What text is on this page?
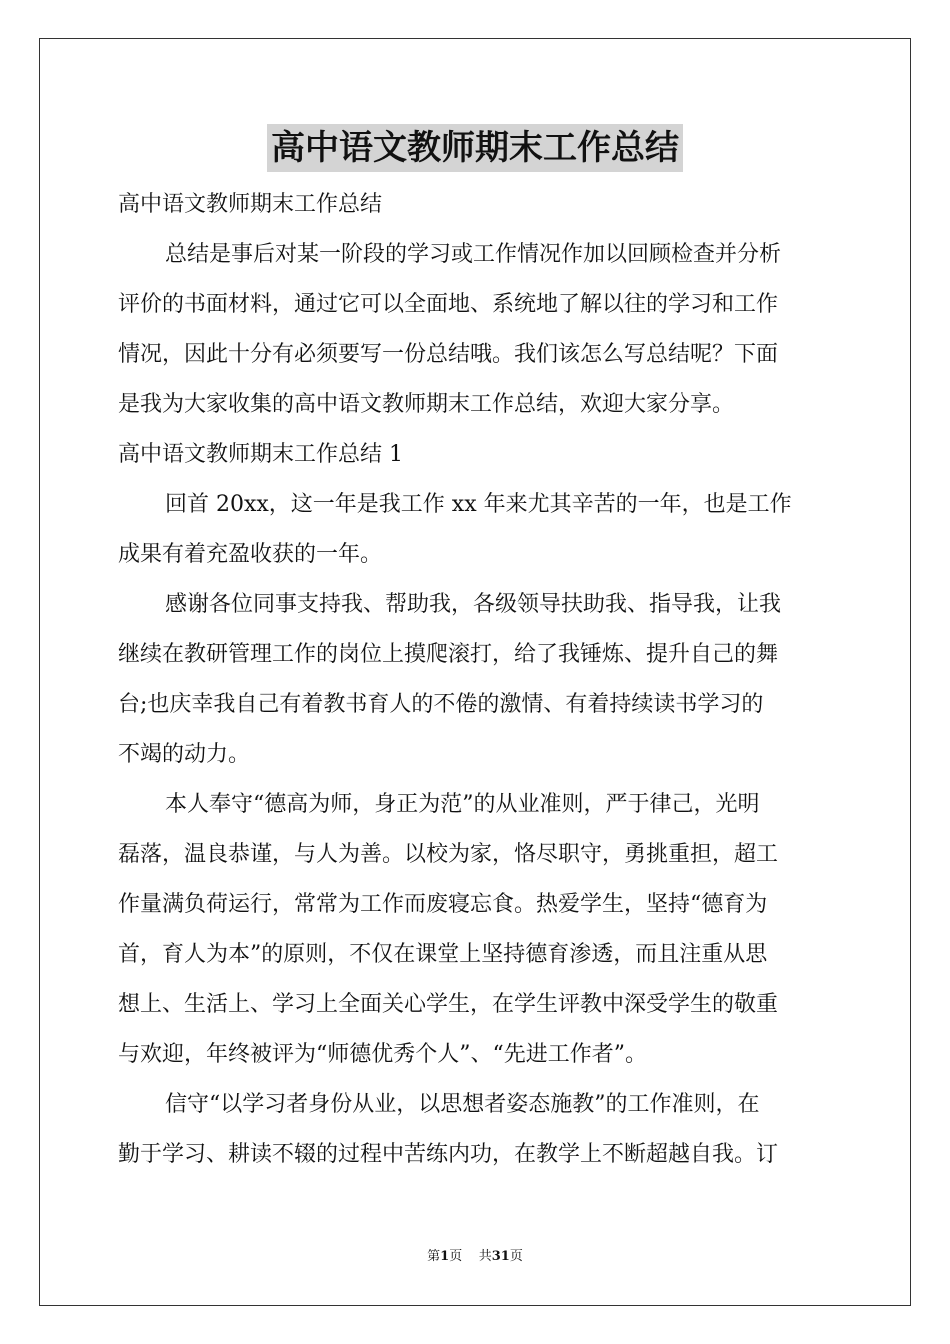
高中语文教师期末工作总结
高中语文教师期末工作总结
总结是事后对某一阶段的学习或工作情况作加以回顾检查并分析
评价的书面材料，通过它可以全面地、系统地了解以往的学习和工作
情况，因此十分有必须要写一份总结哦。我们该怎么写总结呢？下面
是我为大家收集的高中语文教师期末工作总结，欢迎大家分享。
高中语文教师期末工作总结 1
回首 20xx，这一年是我工作 xx 年来尤其辛苦的一年，也是工作
成果有着充盈收获的一年。
感谢各位同事支持我、帮助我，各级领导扶助我、指导我，让我
继续在教研管理工作的岗位上摸爬滚打，给了我锤炼、提升自己的舞
台;也庆幸我自己有着教书育人的不倦的激情、有着持续读书学习的
不竭的动力。
本人奉守“德高为师，身正为范”的从业准则，严于律己，光明
磊落，温良恭谨，与人为善。以校为家，恪尽职守，勇挑重担，超工
作量满负荷运行，常常为工作而废寝忘食。热爱学生，坚持“德育为
首，育人为本”的原则，不仅在课堂上坚持德育渗透，而且注重从思
想上、生活上、学习上全面关心学生，在学生评教中深受学生的敬重
与欢迎，年终被评为“师德优秀个人”、“先进工作者”。
信守“以学习者身份从业，以思想者姿态施教”的工作准则，在
勤于学习、耕读不辍的过程中苦练内功，在教学上不断超越自我。订
第1页 共31页
